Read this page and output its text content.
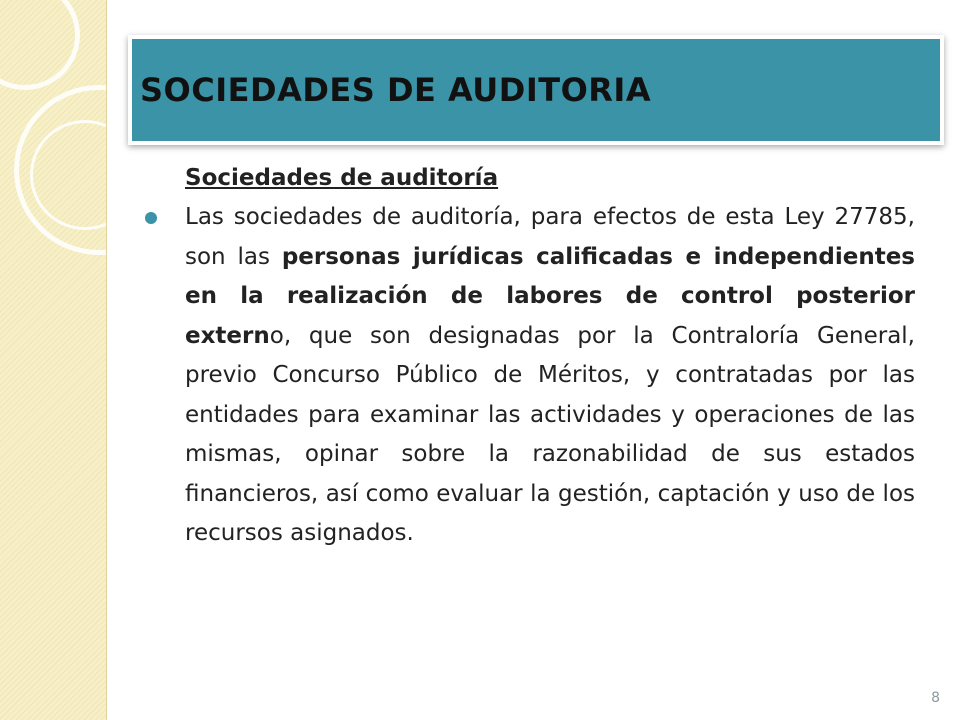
SOCIEDADES DE AUDITORIA
Sociedades de auditoría
Las sociedades de auditoría, para efectos de esta Ley 27785, son las personas jurídicas calificadas e independientes en la realización de labores de control posterior externo, que son designadas por la Contraloría General, previo Concurso Público de Méritos, y contratadas por las entidades para examinar las actividades y operaciones de las mismas, opinar sobre la razonabilidad de sus estados financieros, así como evaluar la gestión, captación y uso de los recursos asignados.
8
